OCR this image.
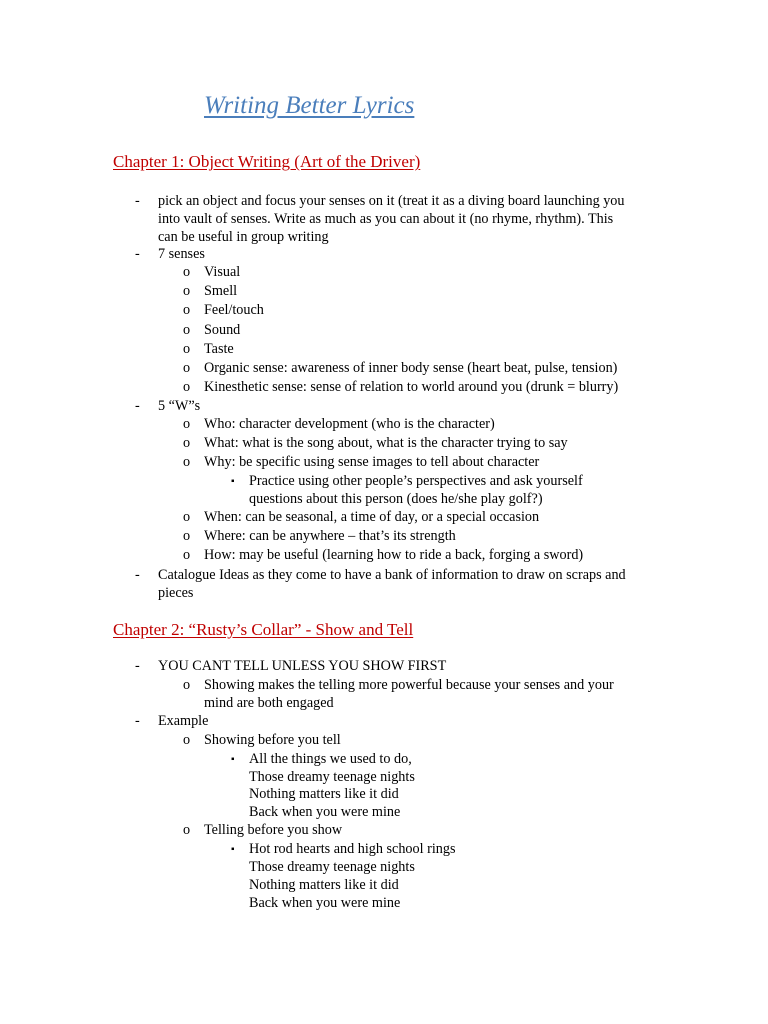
Writing Better Lyrics
Chapter 1: Object Writing (Art of the Driver)
- pick an object and focus your senses on it (treat it as a diving board launching you
into vault of senses. Write as much as you can about it (no rhyme, rhythm). This
can be useful in group writing
- 7 senses
o Visual
o Smell
o Feel/touch
o Sound
o Taste
o Organic sense: awareness of inner body sense (heart beat, pulse, tension)
o Kinesthetic sense: sense of relation to world around you (drunk = blurry)
- 5 “W”s
o Who: character development (who is the character)
o What: what is the song about, what is the character trying to say
o Why: be specific using sense images to tell about character
▪ Practice using other people’s perspectives and ask yourself
questions about this person (does he/she play golf?)
o When: can be seasonal, a time of day, or a special occasion
o Where: can be anywhere – that’s its strength
o How: may be useful (learning how to ride a back, forging a sword)
- Catalogue Ideas as they come to have a bank of information to draw on scraps and
pieces
Chapter 2: “Rusty’s Collar” - Show and Tell
- YOU CANT TELL UNLESS YOU SHOW FIRST
o Showing makes the telling more powerful because your senses and your
mind are both engaged
- Example
o Showing before you tell
▪ All the things we used to do,
Those dreamy teenage nights
Nothing matters like it did
Back when you were mine
o Telling before you show
▪ Hot rod hearts and high school rings
Those dreamy teenage nights
Nothing matters like it did
Back when you were mine
